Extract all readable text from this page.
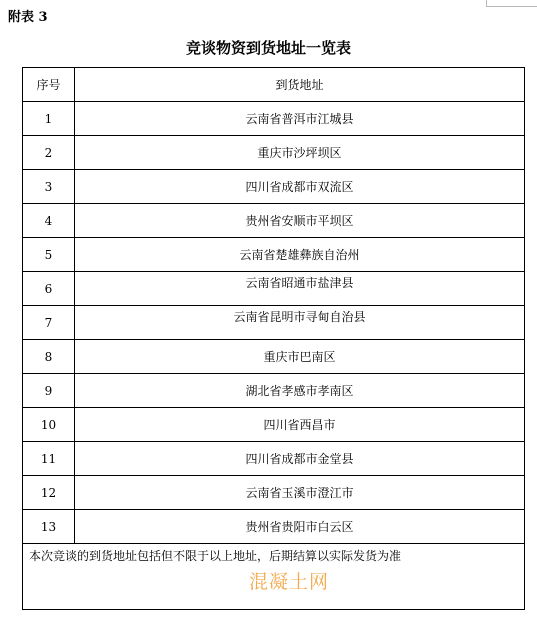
附表 3
竞谈物资到货地址一览表
序号	到货地址
1	云南省普洱市江城县
2	重庆市沙坪坝区
3	四川省成都市双流区
4	贵州省安顺市平坝区
5	云南省楚雄彝族自治州
6	云南省昭通市盐津县
7	云南省昆明市寻甸自治县
8	重庆市巴南区
9	湖北省孝感市孝南区
10	四川省西昌市
11	四川省成都市金堂县
12	云南省玉溪市澄江市
13	贵州省贵阳市白云区
本次竞谈的到货地址包括但不限于以上地址，后期结算以实际发货为准	
混凝土网
